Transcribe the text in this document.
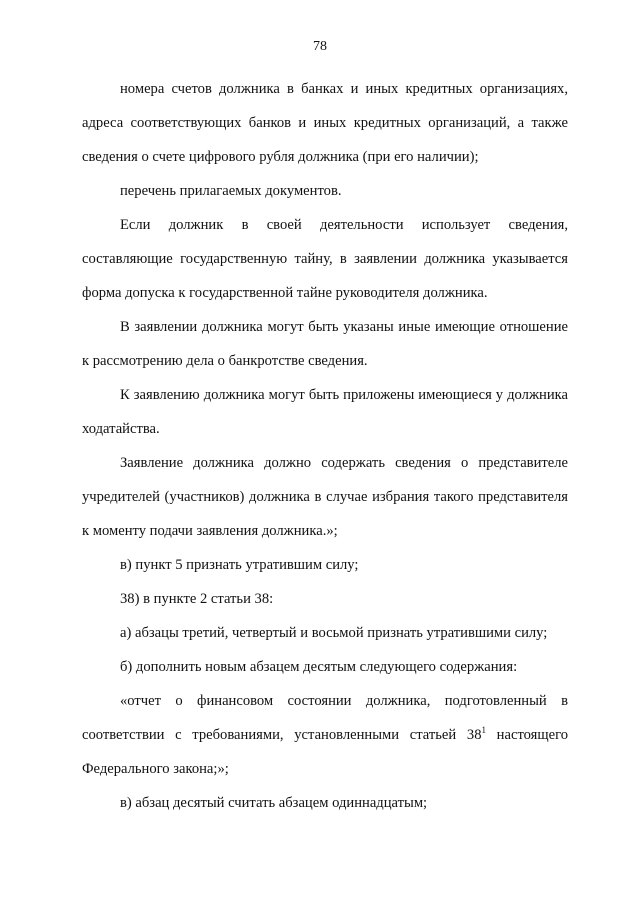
78

номера счетов должника в банках и иных кредитных организациях, адреса соответствующих банков и иных кредитных организаций, а также сведения о счете цифрового рубля должника (при его наличии);

перечень прилагаемых документов.

Если должник в своей деятельности использует сведения, составляющие государственную тайну, в заявлении должника указывается форма допуска к государственной тайне руководителя должника.

В заявлении должника могут быть указаны иные имеющие отношение к рассмотрению дела о банкротстве сведения.

К заявлению должника могут быть приложены имеющиеся у должника ходатайства.

Заявление должника должно содержать сведения о представителе учредителей (участников) должника в случае избрания такого представителя к моменту подачи заявления должника.»;

в) пункт 5 признать утратившим силу;

38) в пункте 2 статьи 38:

а) абзацы третий, четвертый и восьмой признать утратившими силу;

б) дополнить новым абзацем десятым следующего содержания:

«отчет о финансовом состоянии должника, подготовленный в соответствии с требованиями, установленными статьей $38^1$ настоящего Федерального закона;»;

в) абзац десятый считать абзацем одиннадцатым;
